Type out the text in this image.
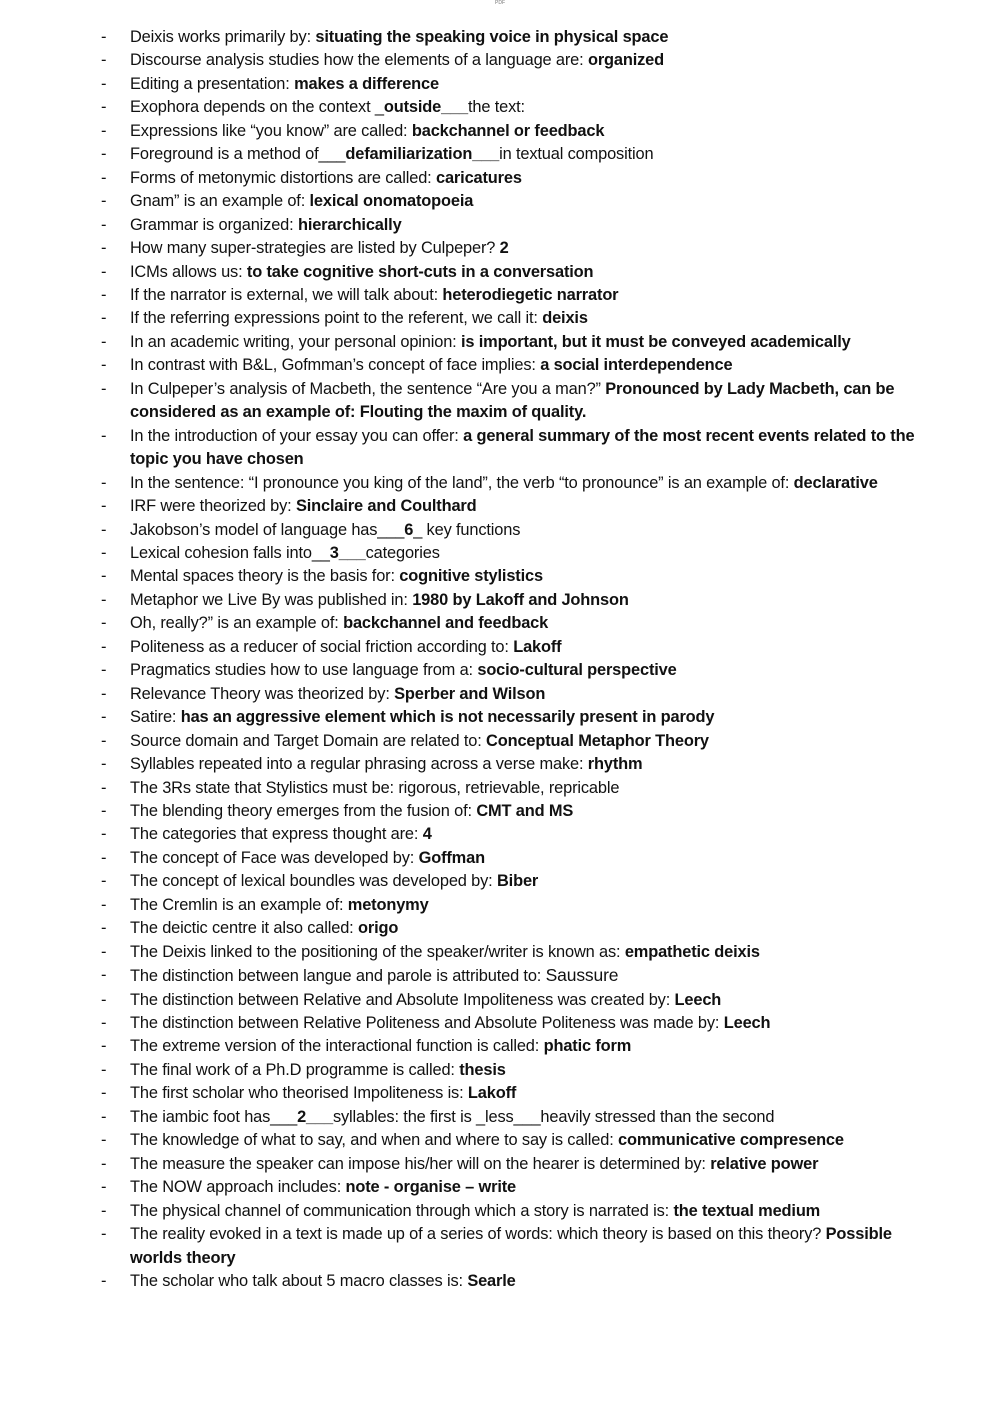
PDF
- Deixis works primarily by: situating the speaking voice in physical space
- Discourse analysis studies how the elements of a language are: organized
- Editing a presentation: makes a difference
- Exophora depends on the context _outside___the text:
- Expressions like “you know” are called: backchannel or feedback
- Foreground is a method of___defamiliarization___in textual composition
- Forms of metonymic distortions are called: caricatures
- Gnam” is an example of: lexical onomatopoeia
- Grammar is organized: hierarchically
- How many super-strategies are listed by Culpeper? 2
- ICMs allows us: to take cognitive short-cuts in a conversation
- If the narrator is external, we will talk about: heterodiegetic narrator
- If the referring expressions point to the referent, we call it: deixis
- In an academic writing, your personal opinion: is important, but it must be conveyed academically
- In contrast with B&L, Gofmman’s concept of face implies: a social interdependence
- In Culpeper’s analysis of Macbeth, the sentence “Are you a man?” Pronounced by Lady Macbeth, can be considered as an example of: Flouting the maxim of quality.
- In the introduction of your essay you can offer: a general summary of the most recent events related to the topic you have chosen
- In the sentence: “I pronounce you king of the land”, the verb “to pronounce” is an example of: declarative
- IRF were theorized by: Sinclaire and Coulthard
- Jakobson’s model of language has___6_ key functions
- Lexical cohesion falls into__3___categories
- Mental spaces theory is the basis for: cognitive stylistics
- Metaphor we Live By was published in: 1980 by Lakoff and Johnson
- Oh, really?” is an example of: backchannel and feedback
- Politeness as a reducer of social friction according to: Lakoff
- Pragmatics studies how to use language from a: socio-cultural perspective
- Relevance Theory was theorized by: Sperber and Wilson
- Satire: has an aggressive element which is not necessarily present in parody
- Source domain and Target Domain are related to: Conceptual Metaphor Theory
- Syllables repeated into a regular phrasing across a verse make: rhythm
- The 3Rs state that Stylistics must be: rigorous, retrievable, repricable
- The blending theory emerges from the fusion of: CMT and MS
- The categories that express thought are: 4
- The concept of Face was developed by: Goffman
- The concept of lexical boundles was developed by: Biber
- The Cremlin is an example of: metonymy
- The deictic centre it also called: origo
- The Deixis linked to the positioning of the speaker/writer is known as: empathetic deixis
- The distinction between langue and parole is attributed to: Saussure
- The distinction between Relative and Absolute Impoliteness was created by: Leech
- The distinction between Relative Politeness and Absolute Politeness was made by: Leech
- The extreme version of the interactional function is called: phatic form
- The final work of a Ph.D programme is called: thesis
- The first scholar who theorised Impoliteness is: Lakoff
- The iambic foot has___2___syllables: the first is _less___heavily stressed than the second
- The knowledge of what to say, and when and where to say is called: communicative compresence
- The measure the speaker can impose his/her will on the hearer is determined by: relative power
- The NOW approach includes: note - organise – write
- The physical channel of communication through which a story is narrated is: the textual medium
- The reality evoked in a text is made up of a series of words: which theory is based on this theory? Possible worlds theory
- The scholar who talk about 5 macro classes is: Searle
